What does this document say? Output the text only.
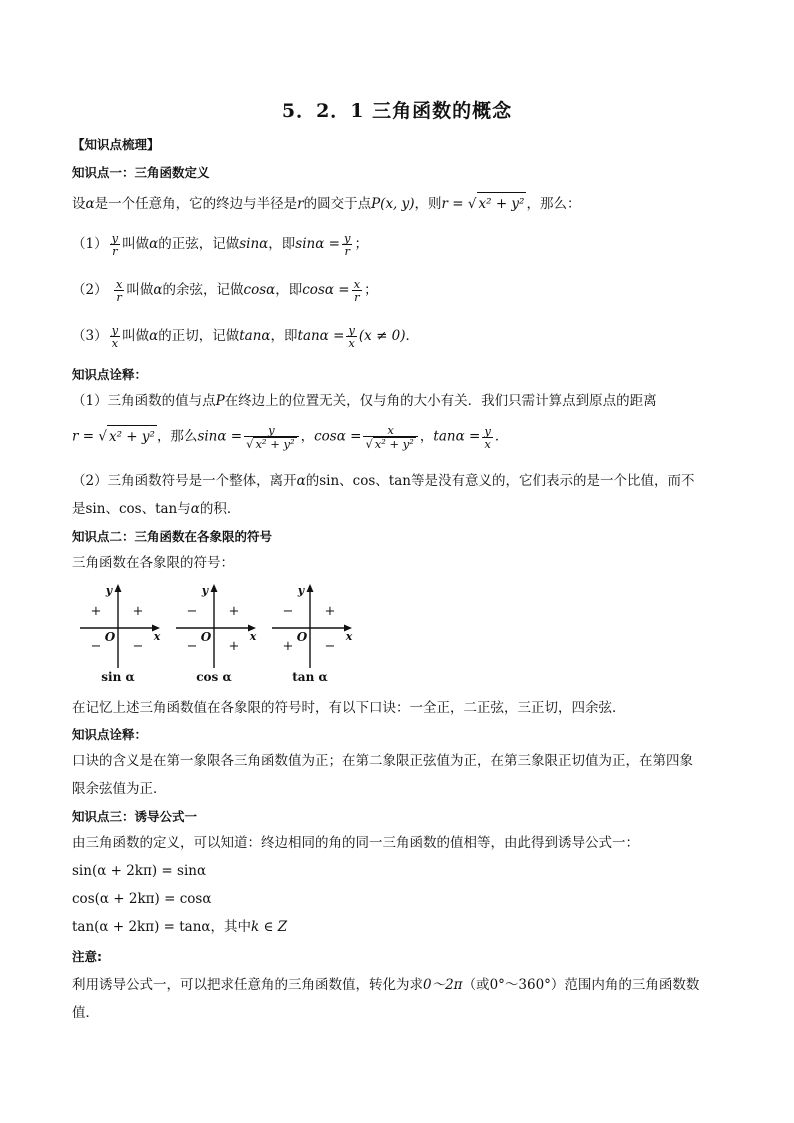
5．2．1 三角函数的概念
【知识点梳理】
知识点一：三角函数定义
设α是一个任意角，它的终边与半径是r的圆交于点P(x, y)，则r = √ x² + y² ，那么：
$(1) \frac{y}{r}$ 叫做α的正弦，记做sinα，即$\sin\alpha = \frac{y}{r}$ ；
$(2) \frac{x}{r}$ 叫做α的余弦，记做cosα，即$\cos\alpha = \frac{x}{r}$ ；
$(3) \frac{y}{x}$ 叫做α的正切，记做tanα，即$\tan\alpha = \frac{y}{x} (x \ne 0)$．
知识点诠释：
（1）三角函数的值与点P在终边上的位置无关，仅与角的大小有关．我们只需计算点到原点的距离
r = √ x² + y² ，那么$\sin\alpha = \frac{y}{\text{√ x² + y²}}$ ，$\cos\alpha = \frac{x}{\text{√ x² + y²}}$ ，$\tan\alpha = \frac{y}{x}$ ．
（2）三角函数符号是一个整体，离开α的sin、cos、tan等是没有意义的，它们表示的是一个比值，而不
是sin、cos、tan与α的积．
知识点二：三角函数在各象限的符号
三角函数在各象限的符号：
y
x
O
+ +
− −
sin α
y
x
O
− +
− +
cos α
y
x
O
− +
+ −
tan α
在记忆上述三角函数值在各象限的符号时，有以下口诀：一全正，二正弦，三正切，四余弦．
知识点诠释：
口诀的含义是在第一象限各三角函数值为正；在第二象限正弦值为正，在第三象限正切值为正，在第四象
限余弦值为正．
知识点三：诱导公式一
由三角函数的定义，可以知道：终边相同的角的同一三角函数的值相等，由此得到诱导公式一：
sin(α + 2kπ) = sinα
cos(α + 2kπ) = cosα
tan(α + 2kπ) = tanα，其中k ∈ Z
注意:
利用诱导公式一，可以把求任意角的三角函数值，转化为求0～2π（或0°～360°）范围内角的三角函数数
值．
